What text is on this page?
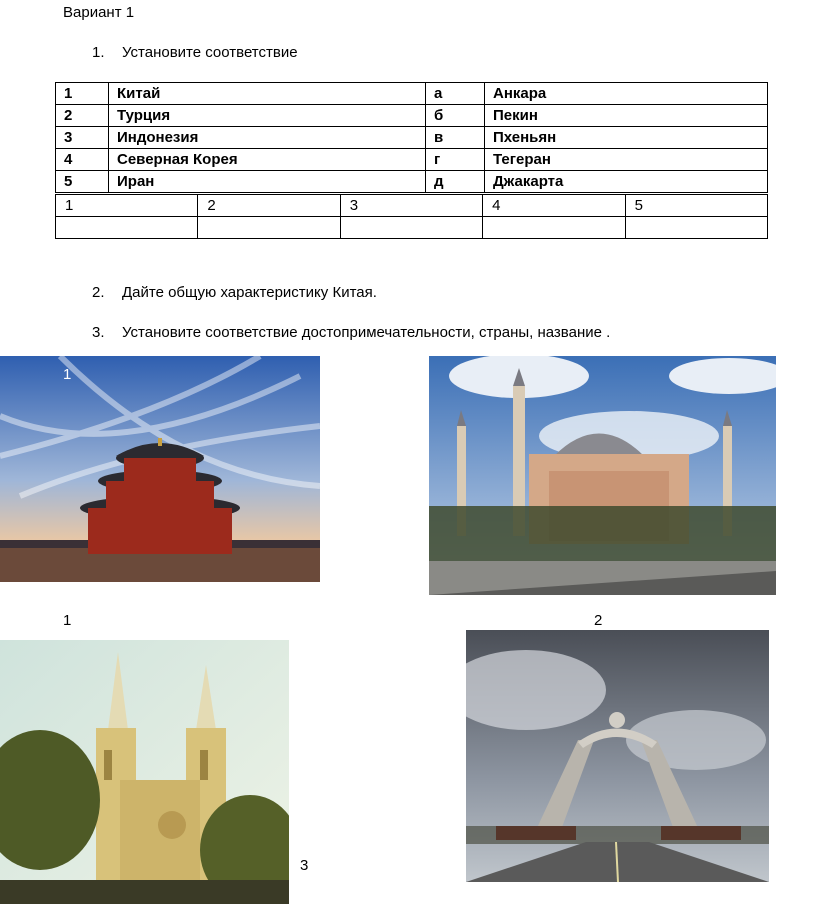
Вариант 1
1. Установите соответствие
1	Китай	а	Анкара
2	Турция	б	Пекин
3	Индонезия	в	Пхеньян
4	Северная Корея	г	Тегеран
5	Иран	д	Джакарта
1	2	3	4	5

2. Дайте общую характеристику Китая.
3. Установите соответствие достопримечательности, страны, название .
1
1	2
3
